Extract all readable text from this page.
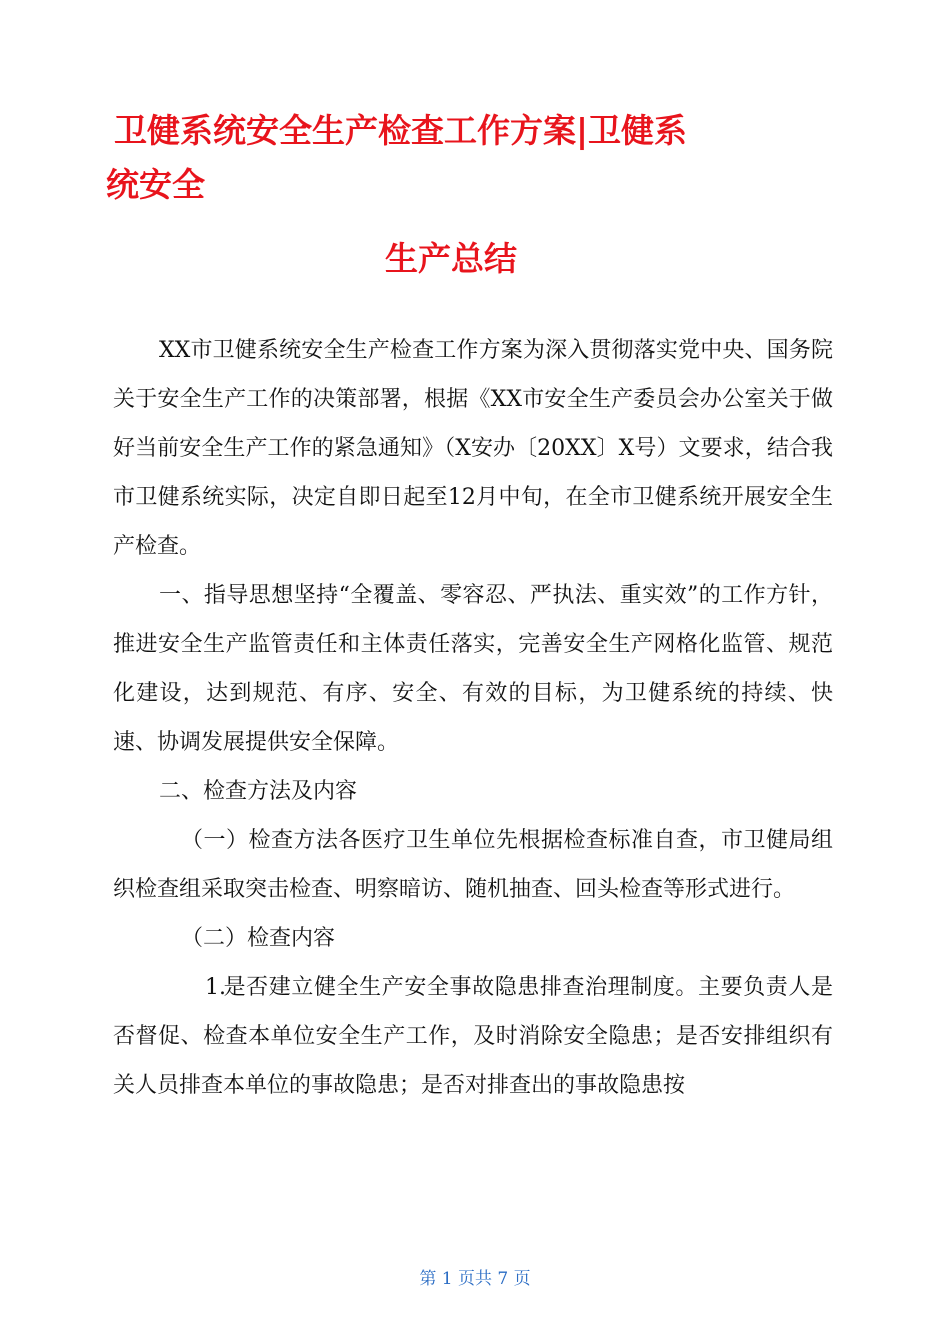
卫健系统安全生产检查工作方案|卫健系
统安全
生产总结

XX市卫健系统安全生产检查工作方案为深入贯彻落实党中央、国务院关于安全生产工作的决策部署，根据《XX市安全生产委员会办公室关于做好当前安全生产工作的紧急通知》（X安办〔20XX〕X号）文要求，结合我市卫健系统实际，决定自即日起至12月中旬，在全市卫健系统开展安全生产检查。

一、指导思想坚持“全覆盖、零容忍、严执法、重实效”的工作方针，推进安全生产监管责任和主体责任落实，完善安全生产网格化监管、规范化建设，达到规范、有序、安全、有效的目标，为卫健系统的持续、快速、协调发展提供安全保障。

二、检查方法及内容

（一）检查方法各医疗卫生单位先根据检查标准自查，市卫健局组织检查组采取突击检查、明察暗访、随机抽查、回头检查等形式进行。

（二）检查内容

1.是否建立健全生产安全事故隐患排查治理制度。主要负责人是否督促、检查本单位安全生产工作，及时消除安全隐患；是否安排组织有关人员排查本单位的事故隐患；是否对排查出的事故隐患按

第 1 页共 7 页
